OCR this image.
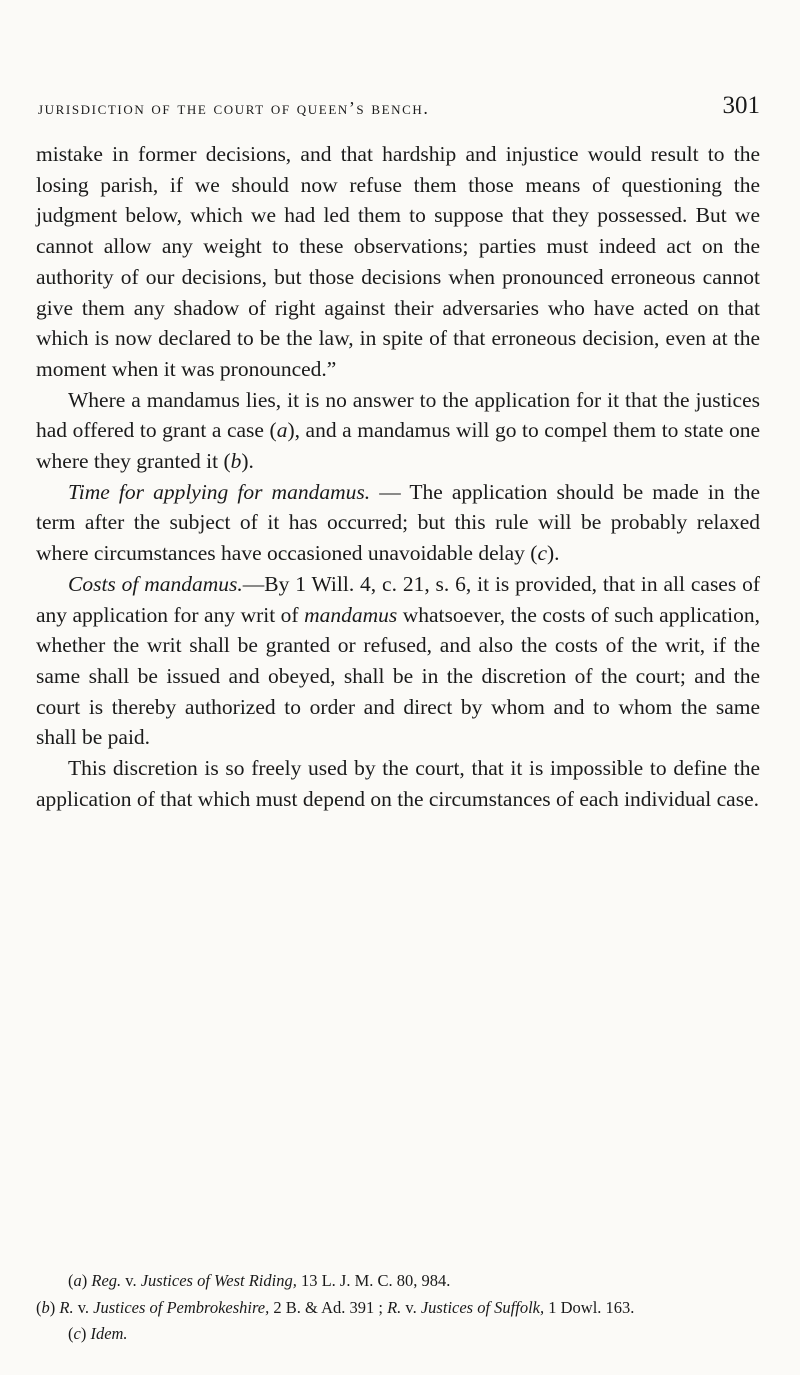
jurisdiction of the court of queen’s bench.	301

mistake in former decisions, and that hardship and injustice would result to the losing parish, if we should now refuse them those means of questioning the judgment below, which we had led them to suppose that they possessed. But we cannot allow any weight to these observations; parties must indeed act on the authority of our decisions, but those decisions when pronounced erroneous cannot give them any shadow of right against their adversaries who have acted on that which is now declared to be the law, in spite of that erroneous decision, even at the moment when it was pronounced.”

Where a mandamus lies, it is no answer to the application for it that the justices had offered to grant a case (a), and a mandamus will go to compel them to state one where they granted it (b).

Time for applying for mandamus. — The application should be made in the term after the subject of it has occurred; but this rule will be probably relaxed where circumstances have occasioned unavoidable delay (c).

Costs of mandamus.—By 1 Will. 4, c. 21, s. 6, it is provided, that in all cases of any application for any writ of mandamus whatsoever, the costs of such application, whether the writ shall be granted or refused, and also the costs of the writ, if the same shall be issued and obeyed, shall be in the discretion of the court; and the court is thereby authorized to order and direct by whom and to whom the same shall be paid.

This discretion is so freely used by the court, that it is impossible to define the application of that which must depend on the circumstances of each individual case.

(a) Reg. v. Justices of West Riding, 13 L. J. M. C. 80, 984.

(b) R. v. Justices of Pembrokeshire, 2 B. & Ad. 391 ; R. v. Justices of Suffolk, 1 Dowl. 163.

(c) Idem.
